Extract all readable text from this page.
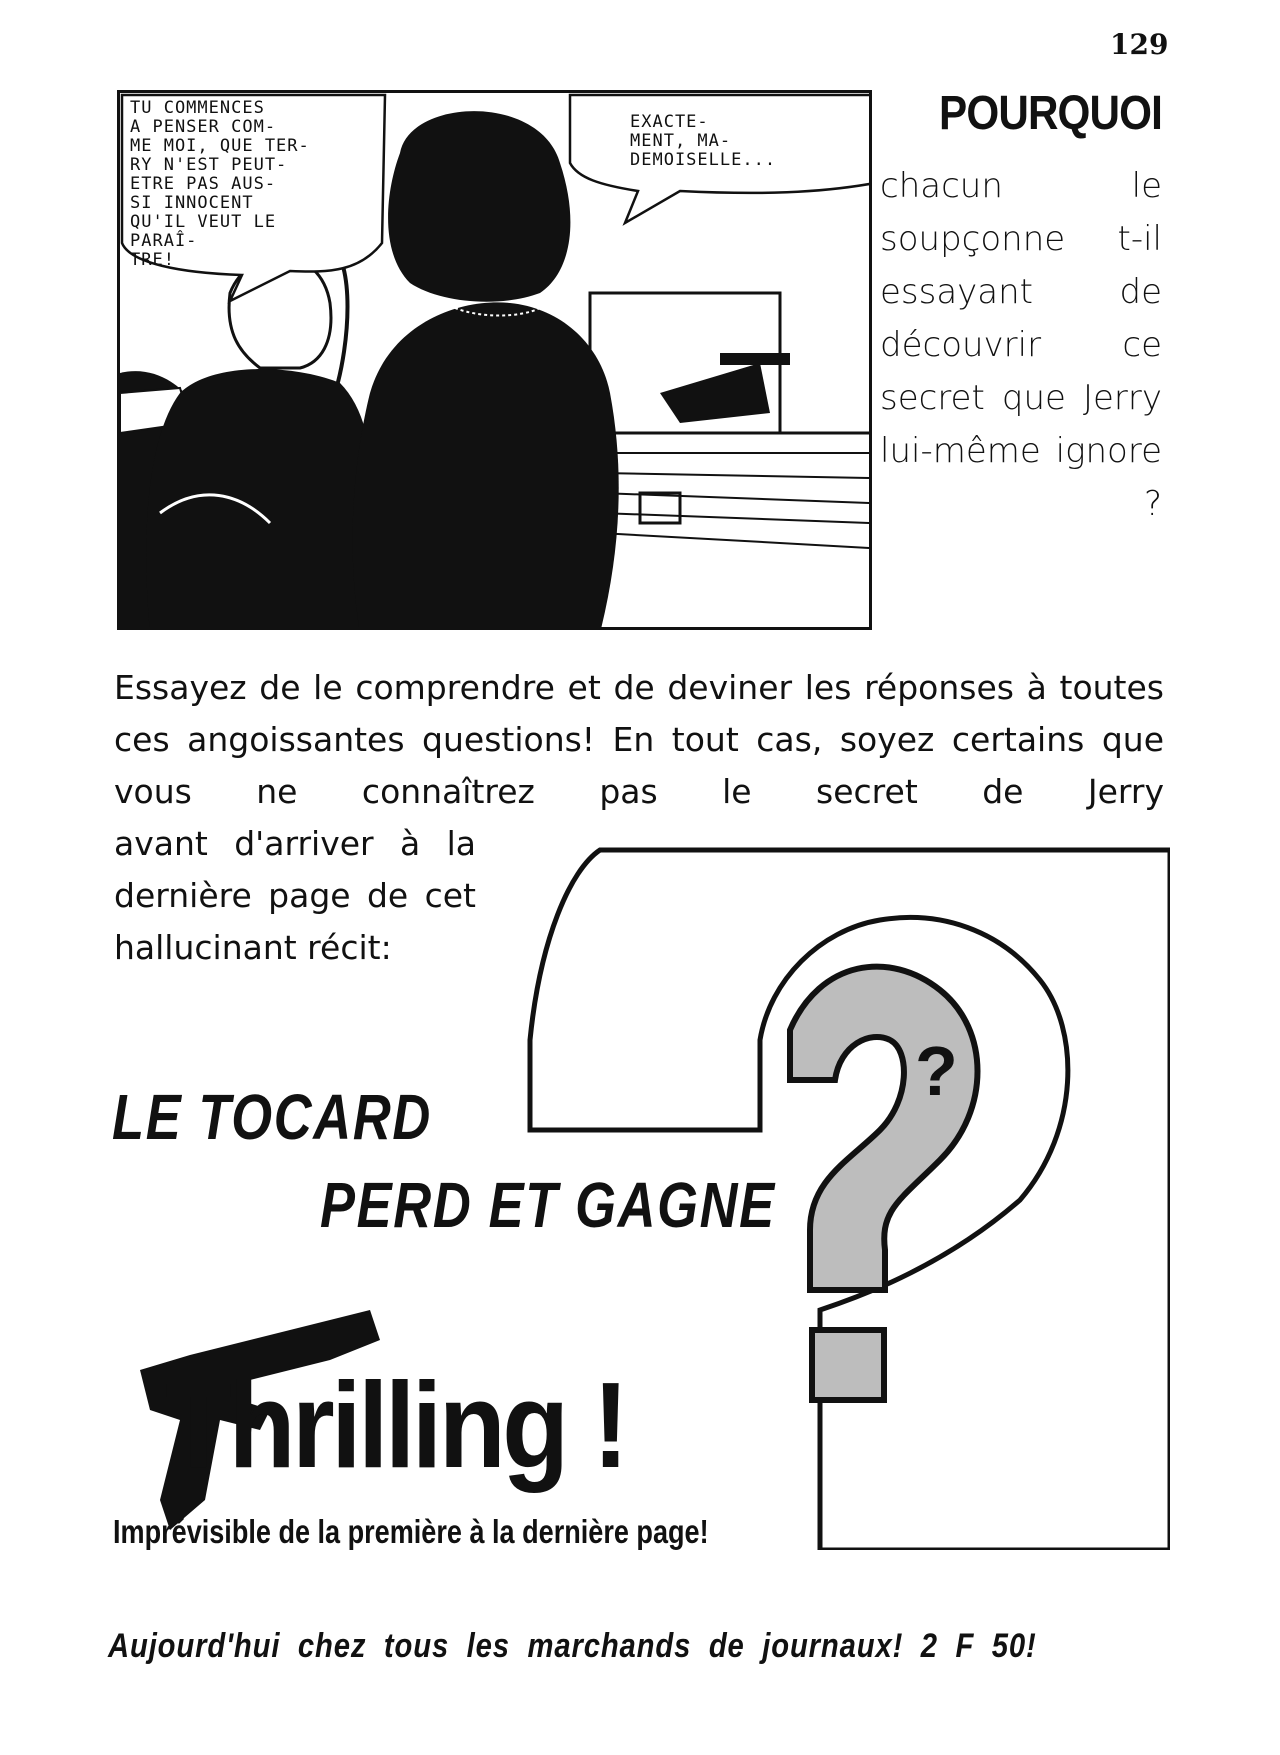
129
TU COMMENCES
A PENSER COM-
ME MOI, QUE TER-
RY N'EST PEUT-
ETRE PAS AUS-
SI INNOCENT
QU'IL VEUT LE
PARAÎ-
TRE!
EXACTE-
MENT, MA-
DEMOISELLE...
POURQUOI
chacun le soupçonne t-il essayant de découvrir ce secret que Jerry lui-même ignore ?
Essayez de le comprendre et de deviner les réponses à toutes ces angoissantes questions! En tout cas, soyez certains que vous ne connaîtrez pas le secret de Jerry
avant d'arriver à la dernière page de cet hallucinant récit:
?
LE TOCARD
PERD ET GAGNE
Thrilling !
Imprévisible de la première à la dernière page!
Aujourd'hui chez tous les marchands de journaux! 2 F 50!
